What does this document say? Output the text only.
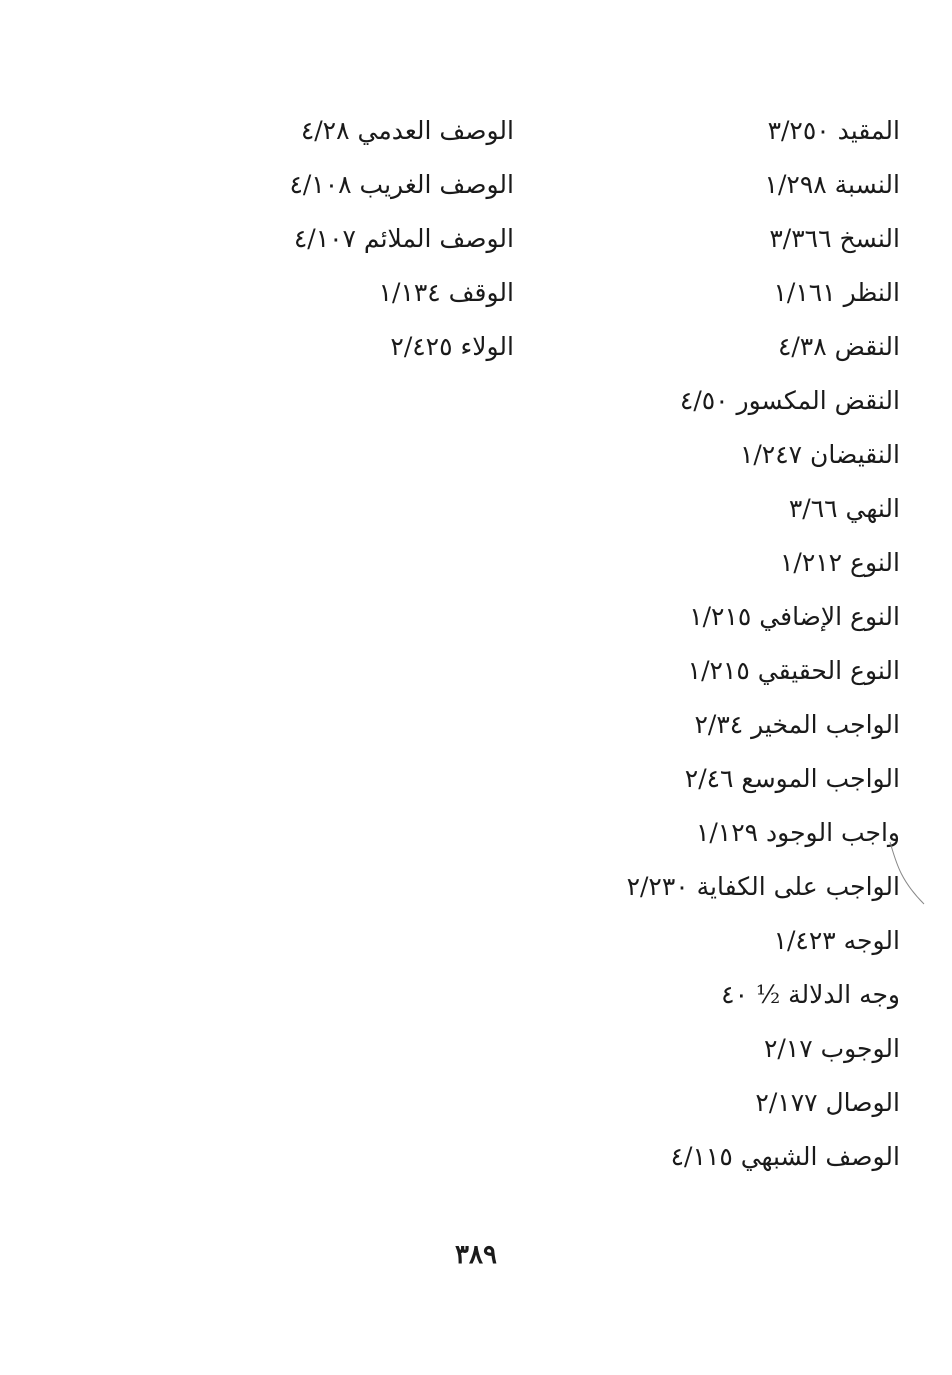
المقيد ٣/٢٥٠
النسبة ١/٢٩٨
النسخ ٣/٣٦٦
النظر ١/١٦١
النقض ٤/٣٨
النقض المكسور ٤/٥٠
النقيضان ١/٢٤٧
النهي ٣/٦٦
النوع ١/٢١٢
النوع الإضافي ١/٢١٥
النوع الحقيقي ١/٢١٥
الواجب المخير ٢/٣٤
الواجب الموسع ٢/٤٦
واجب الوجود ١/١٢٩
الواجب على الكفاية ٢/٢٣٠
الوجه ١/٤٢٣
وجه الدلالة ½ ٤٠
الوجوب ٢/١٧
الوصال ٢/١٧٧
الوصف الشبهي ٤/١١٥
الوصف العدمي ٤/٢٨
الوصف الغريب ٤/١٠٨
الوصف الملائم ٤/١٠٧
الوقف ١/١٣٤
الولاء ٢/٤٢٥
٣٨٩
